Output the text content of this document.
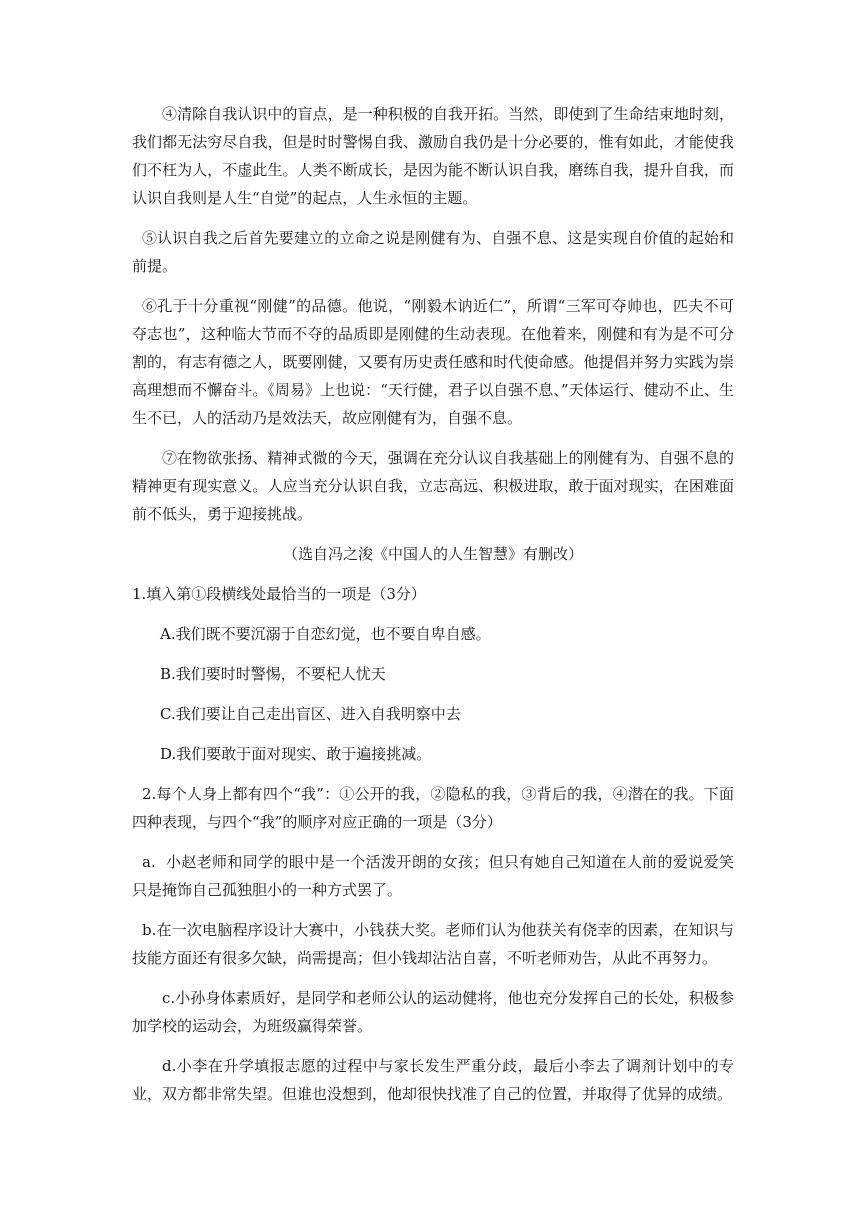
④清除自我认识中的盲点，是一种积极的自我开拓。当然，即使到了生命结束地时刻，我们都无法穷尽自我，但是时时警惕自我、激励自我仍是十分必要的，惟有如此，才能使我们不枉为人，不虚此生。人类不断成长，是因为能不断认识自我，磨练自我，提升自我，而认识自我则是人生“自觉”的起点，人生永恒的主题。

⑤认识自我之后首先要建立的立命之说是刚健有为、自强不息、这是实现自价值的起始和前提。

⑥孔于十分重视“刚健”的品德。他说，“刚毅木讷近仁”，所谓“三军可夺帅也，匹夫不可夺志也”，这种临大节而不夺的品质即是刚健的生动表现。在他着来，刚健和有为是不可分割的，有志有德之人，既要刚健，又要有历史责任感和时代使命感。他提倡并努力实践为崇高理想而不懈奋斗。《周易》上也说：“天行健，君子以自强不息、”天体运行、健动不止、生生不已，人的活动乃是效法天，故应刚健有为，自强不息。

⑦在物欲张扬、精神式微的今天，强调在充分认议自我基础上的刚健有为、自强不息的精神更有现实意义。人应当充分认识自我，立志高远、积极进取，敢于面对现实，在困难面前不低头，勇于迎接挑战。

（选自冯之浚《中国人的人生智慧》有删改）

1.填入第①段横线处最恰当的一项是（3分）

A.我们既不要沉溺于自恋幻觉，也不要自卑自感。

B.我们要时时警惕，不要杞人忧天

C.我们要让自己走出盲区、进入自我明察中去

D.我们要敢于面对现实、敢于遍接挑减。

2.每个人身上都有四个“我”：①公开的我，②隐私的我，③背后的我，④潜在的我。下面四种表现，与四个“我”的顺序对应正确的一项是（3分）

a.  小赵老师和同学的眼中是一个活泼开朗的女孩；但只有她自己知道在人前的爱说爱笑只是掩饰自己孤独胆小的一种方式罢了。

b.在一次电脑程序设计大赛中，小钱获大奖。老师们认为他获关有侥幸的因素，在知识与技能方面还有很多欠缺，尚需提高；但小钱却沾沾自喜，不听老师劝告，从此不再努力。

c.小孙身体素质好，是同学和老师公认的运动健将，他也充分发挥自己的长处，积极参加学校的运动会，为班级赢得荣誉。

d.小李在升学填报志愿的过程中与家长发生严重分歧，最后小李去了调剂计划中的专业，双方都非常失望。但谁也没想到，他却很快找准了自己的位置，并取得了优异的成绩。
